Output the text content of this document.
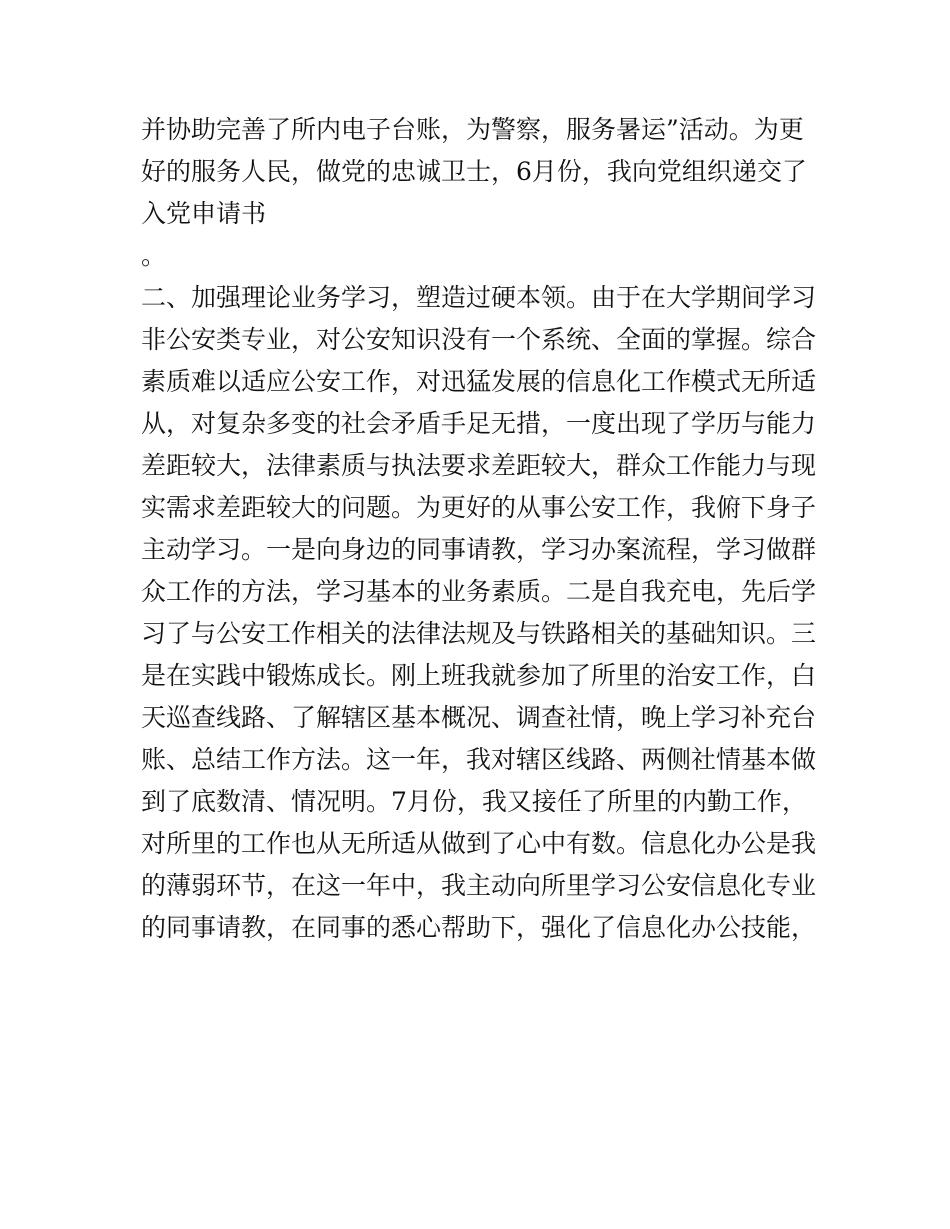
并协助完善了所内电子台账，为警察，服务暑运”活动。为更
好的服务人民，做党的忠诚卫士，6月份，我向党组织递交了
入党申请书
。
二、加强理论业务学习，塑造过硬本领。由于在大学期间学习
非公安类专业，对公安知识没有一个系统、全面的掌握。综合
素质难以适应公安工作，对迅猛发展的信息化工作模式无所适
从，对复杂多变的社会矛盾手足无措，一度出现了学历与能力
差距较大，法律素质与执法要求差距较大，群众工作能力与现
实需求差距较大的问题。为更好的从事公安工作，我俯下身子
主动学习。一是向身边的同事请教，学习办案流程，学习做群
众工作的方法，学习基本的业务素质。二是自我充电，先后学
习了与公安工作相关的法律法规及与铁路相关的基础知识。三
是在实践中锻炼成长。刚上班我就参加了所里的治安工作，白
天巡查线路、了解辖区基本概况、调查社情，晚上学习补充台
账、总结工作方法。这一年，我对辖区线路、两侧社情基本做
到了底数清、情况明。7月份，我又接任了所里的内勤工作，
对所里的工作也从无所适从做到了心中有数。信息化办公是我
的薄弱环节，在这一年中，我主动向所里学习公安信息化专业
的同事请教，在同事的悉心帮助下，强化了信息化办公技能，
